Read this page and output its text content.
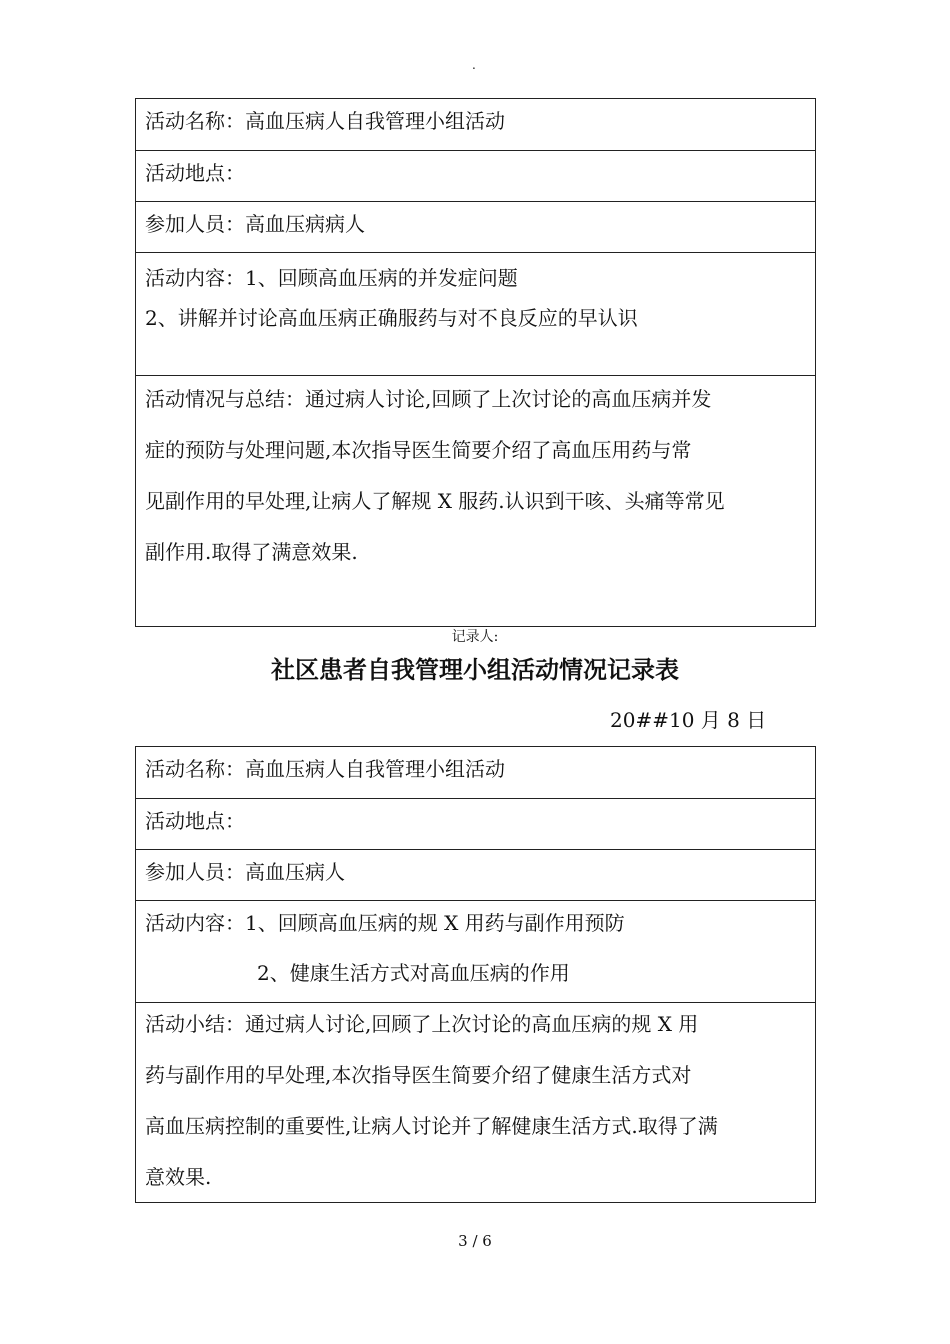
.
活动名称：高血压病人自我管理小组活动
活动地点：
参加人员：高血压病病人
活动内容：1、回顾高血压病的并发症问题
2、讲解并讨论高血压病正确服药与对不良反应的早认识
活动情况与总结：通过病人讨论,回顾了上次讨论的高血压病并发
症的预防与处理问题,本次指导医生简要介绍了高血压用药与常
见副作用的早处理,让病人了解规 X 服药.认识到干咳、头痛等常见
副作用.取得了满意效果.
记录人:
社区患者自我管理小组活动情况记录表
20##10 月 8 日
活动名称：高血压病人自我管理小组活动
活动地点：
参加人员：高血压病人
活动内容：1、回顾高血压病的规 X 用药与副作用预防
2、健康生活方式对高血压病的作用
活动小结：通过病人讨论,回顾了上次讨论的高血压病的规 X 用
药与副作用的早处理,本次指导医生简要介绍了健康生活方式对
高血压病控制的重要性,让病人讨论并了解健康生活方式.取得了满
意效果.
3 / 6
